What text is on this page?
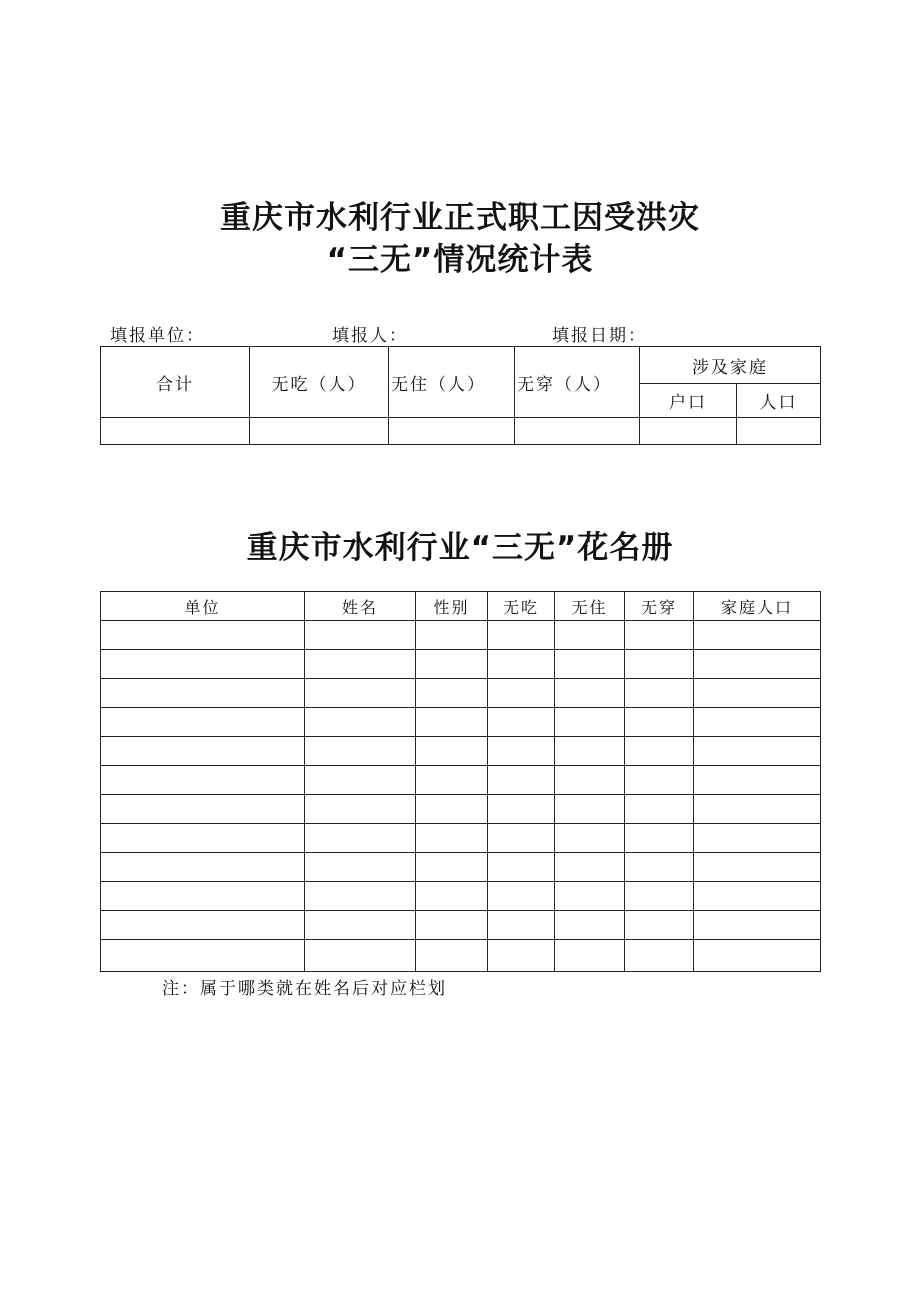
重庆市水利行业正式职工因受洪灾
“三无”情况统计表
填报单位：	填报人：	填报日期：
合计	无吃（人）	无住（人）	无穿（人）	涉及家庭	
				户口	人口

重庆市水利行业“三无”花名册
单位	姓名	性别	无吃	无住	无穿	家庭人口

注：属于哪类就在姓名后对应栏划
